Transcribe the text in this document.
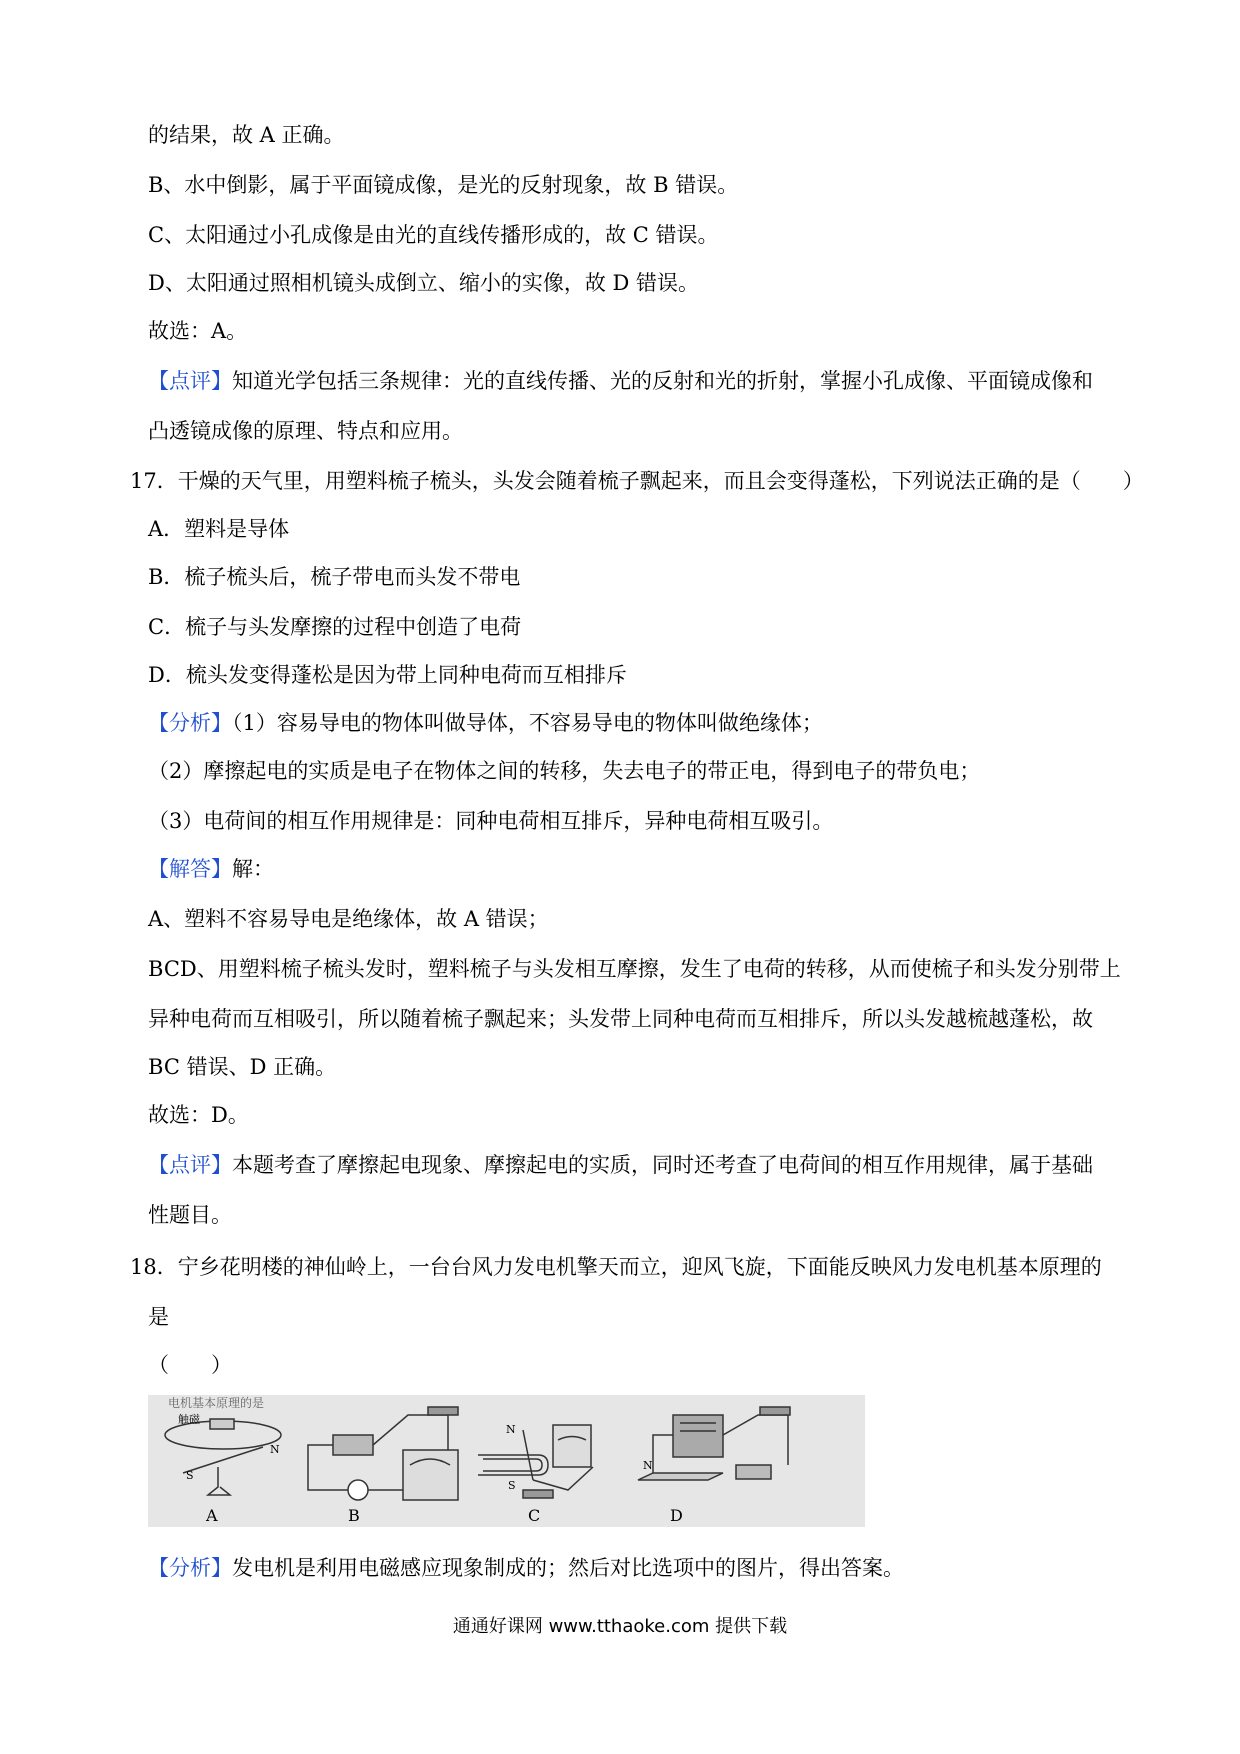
的结果，故 A 正确。
B、水中倒影，属于平面镜成像，是光的反射现象，故 B 错误。
C、太阳通过小孔成像是由光的直线传播形成的，故 C 错误。
D、太阳通过照相机镜头成倒立、缩小的实像，故 D 错误。
故选：A。
【点评】知道光学包括三条规律：光的直线传播、光的反射和光的折射，掌握小孔成像、平面镜成像和
凸透镜成像的原理、特点和应用。
17．干燥的天气里，用塑料梳子梳头，头发会随着梳子飘起来，而且会变得蓬松，下列说法正确的是（　　）
A．塑料是导体
B．梳子梳头后，梳子带电而头发不带电
C．梳子与头发摩擦的过程中创造了电荷
D．梳头发变得蓬松是因为带上同种电荷而互相排斥
【分析】（1）容易导电的物体叫做导体，不容易导电的物体叫做绝缘体；
（2）摩擦起电的实质是电子在物体之间的转移，失去电子的带正电，得到电子的带负电；
（3）电荷间的相互作用规律是：同种电荷相互排斥，异种电荷相互吸引。
【解答】解：
A、塑料不容易导电是绝缘体，故 A 错误；
BCD、用塑料梳子梳头发时，塑料梳子与头发相互摩擦，发生了电荷的转移，从而使梳子和头发分别带上
异种电荷而互相吸引，所以随着梳子飘起来；头发带上同种电荷而互相排斥，所以头发越梳越蓬松，故
BC 错误、D 正确。
故选：D。
【点评】本题考查了摩擦起电现象、摩擦起电的实质，同时还考查了电荷间的相互作用规律，属于基础
性题目。
18．宁乡花明楼的神仙岭上，一台台风力发电机擎天而立，迎风飞旋，下面能反映风力发电机基本原理的
是
（　　）
电机基本原理的是
触磁
S
N
A	B
N
S
C
N
D
【分析】发电机是利用电磁感应现象制成的；然后对比选项中的图片，得出答案。
通通好课网 www.tthaoke.com 提供下载
